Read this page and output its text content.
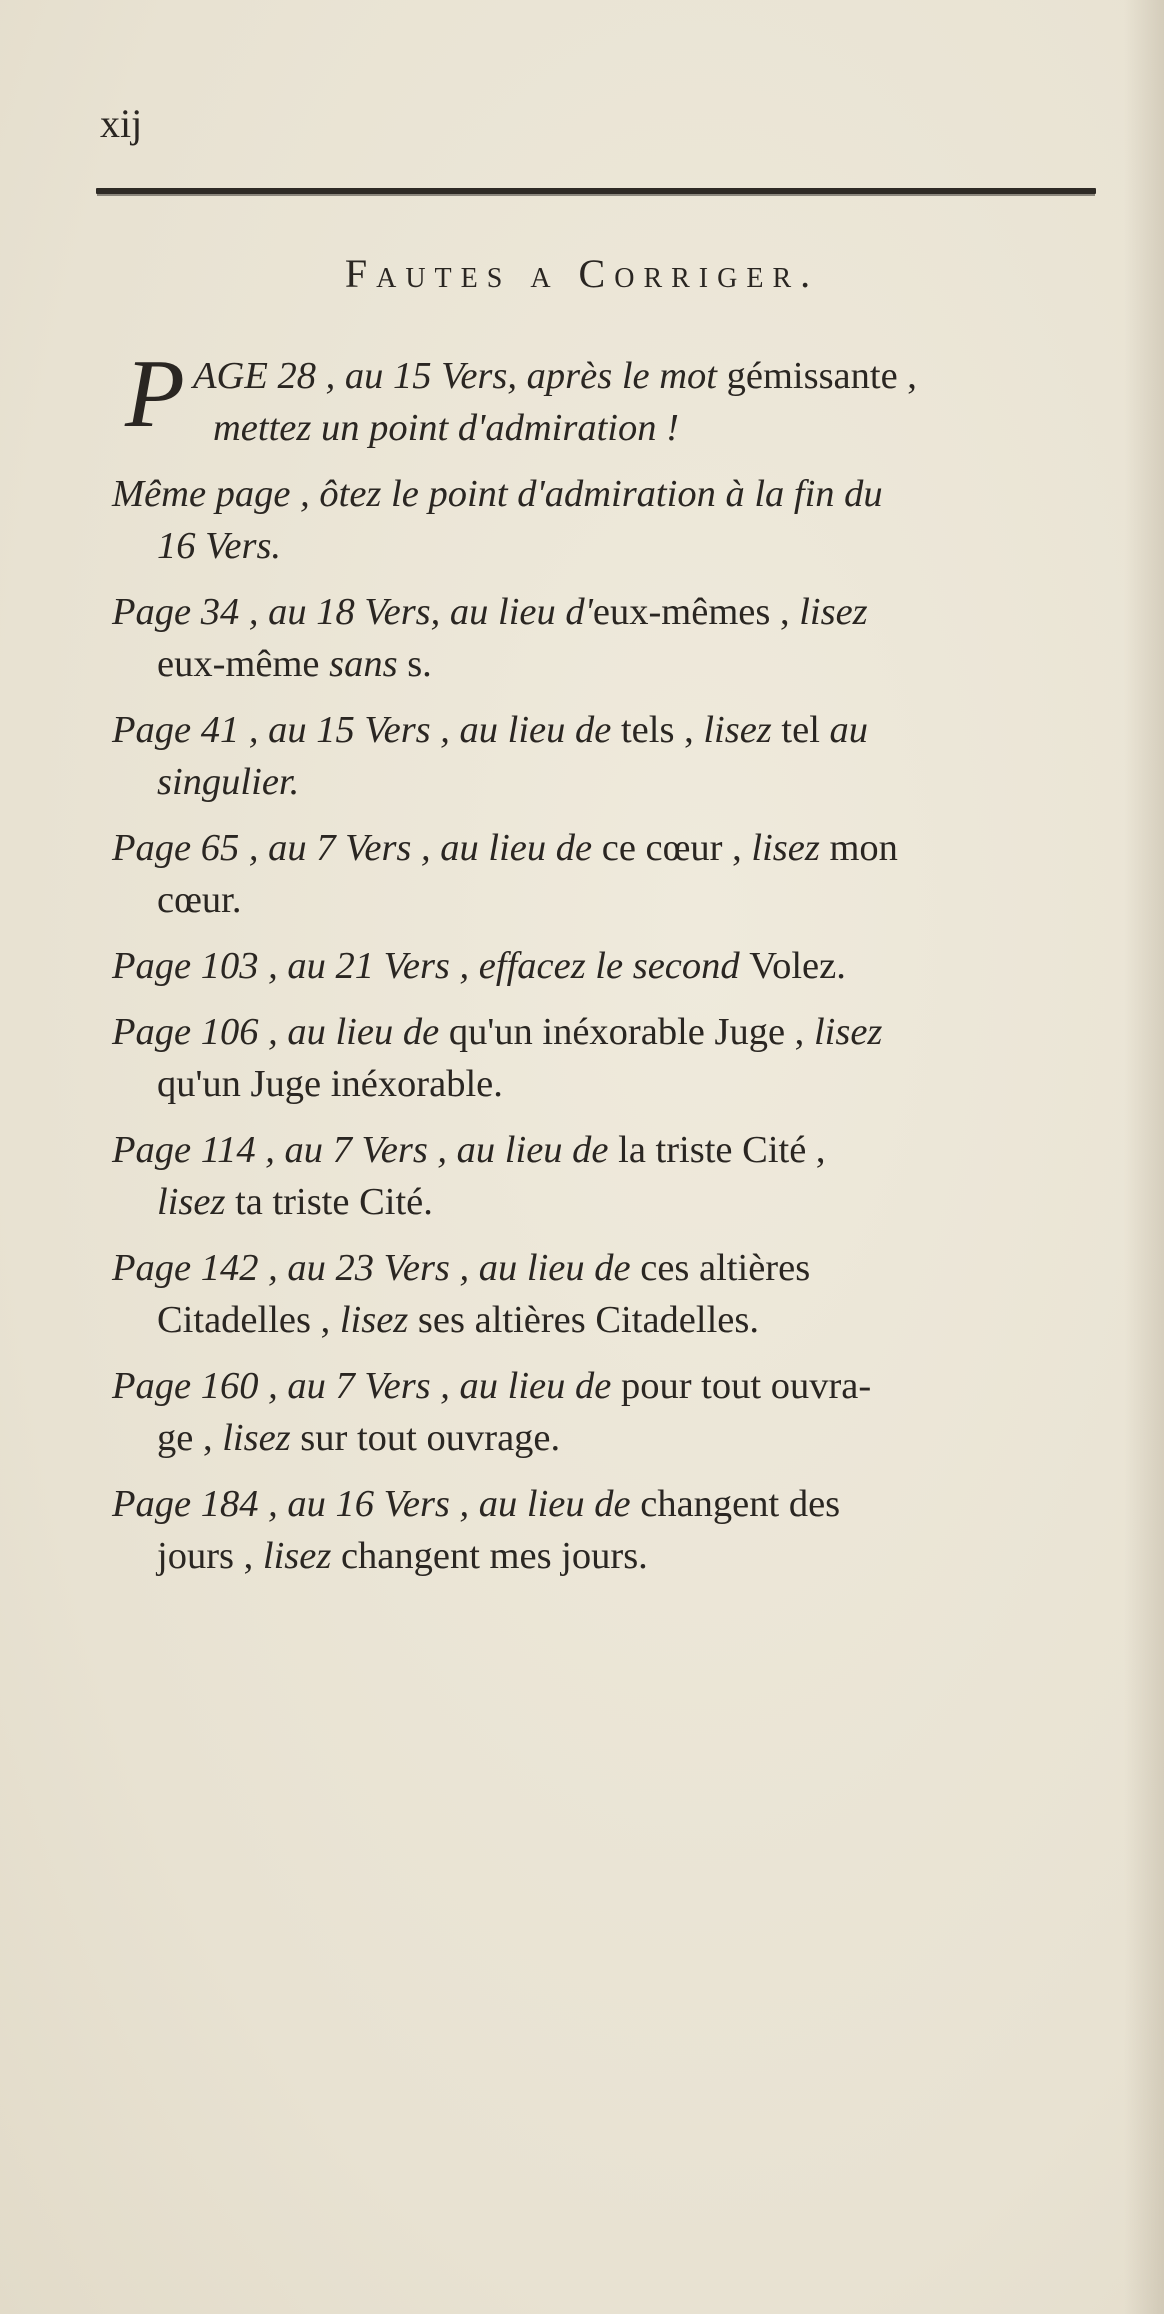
xij
Fautes a Corriger.
P AGE 28 , au 15 Vers, après le mot gémissante ,
mettez un point d'admiration !
Même page , ôtez le point d'admiration à la fin du
16 Vers.
Page 34 , au 18 Vers, au lieu d'eux-mêmes , lisez
eux-même sans s.
Page 41 , au 15 Vers , au lieu de tels , lisez tel au
singulier.
Page 65 , au 7 Vers , au lieu de ce cœur , lisez mon
cœur.
Page 103 , au 21 Vers , effacez le second Volez.
Page 106 , au lieu de qu'un inéxorable Juge , lisez
qu'un Juge inéxorable.
Page 114 , au 7 Vers , au lieu de la triste Cité ,
lisez ta triste Cité.
Page 142 , au 23 Vers , au lieu de ces altières
Citadelles , lisez ses altières Citadelles.
Page 160 , au 7 Vers , au lieu de pour tout ouvra-
ge , lisez sur tout ouvrage.
Page 184 , au 16 Vers , au lieu de changent des
jours , lisez changent mes jours.
